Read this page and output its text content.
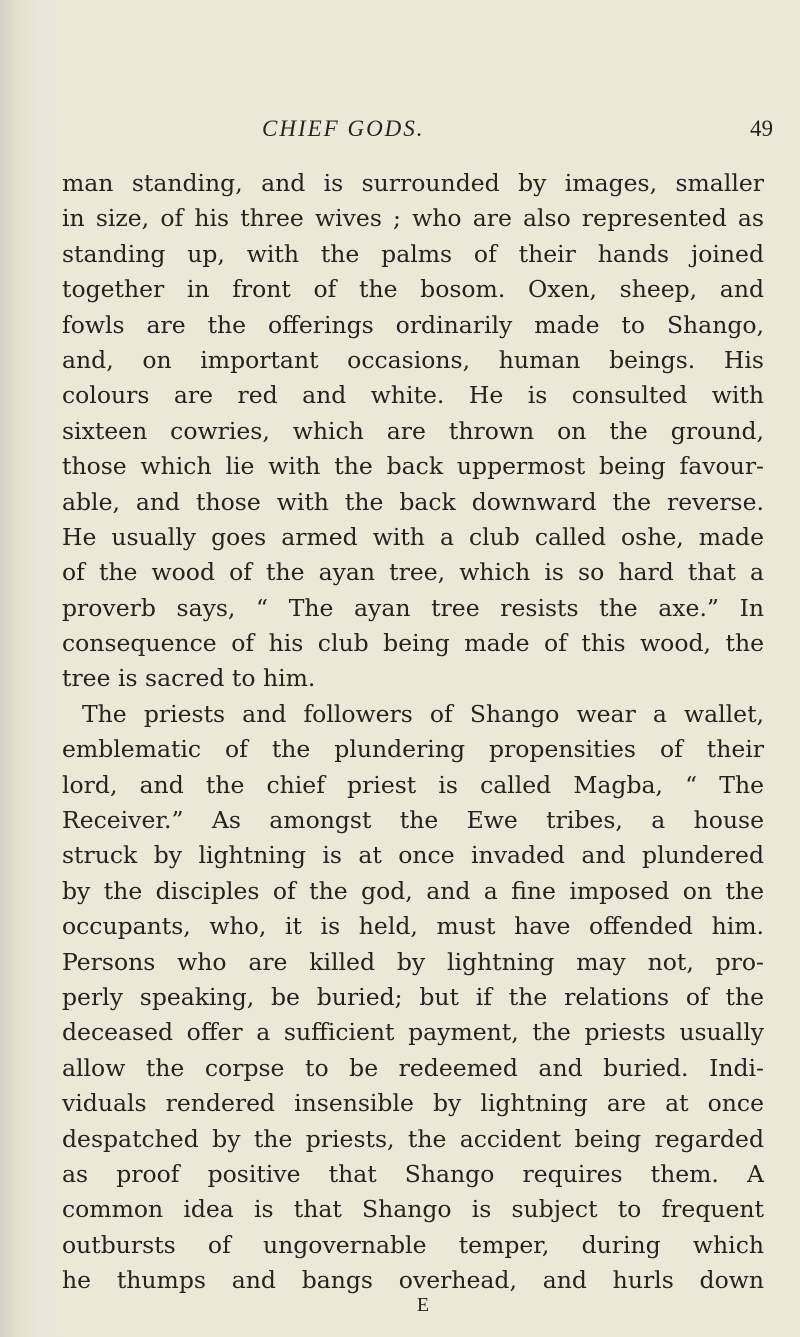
CHIEF GODS.	49
man standing, and is surrounded by images, smaller
in size, of his three wives ; who are also represented as
standing up, with the palms of their hands joined
together in front of the bosom. Oxen, sheep, and
fowls are the offerings ordinarily made to Shango,
and, on important occasions, human beings. His
colours are red and white. He is consulted with
sixteen cowries, which are thrown on the ground,
those which lie with the back uppermost being favour-
able, and those with the back downward the reverse.
He usually goes armed with a club called oshe, made
of the wood of the ayan tree, which is so hard that a
proverb says, “ The ayan tree resists the axe.” In
consequence of his club being made of this wood, the
tree is sacred to him.
The priests and followers of Shango wear a wallet,
emblematic of the plundering propensities of their
lord, and the chief priest is called Magba, “ The
Receiver.” As amongst the Ewe tribes, a house
struck by lightning is at once invaded and plundered
by the disciples of the god, and a fine imposed on the
occupants, who, it is held, must have offended him.
Persons who are killed by lightning may not, pro-
perly speaking, be buried; but if the relations of the
deceased offer a sufficient payment, the priests usually
allow the corpse to be redeemed and buried. Indi-
viduals rendered insensible by lightning are at once
despatched by the priests, the accident being regarded
as proof positive that Shango requires them. A
common idea is that Shango is subject to frequent
outbursts of ungovernable temper, during which
he thumps and bangs overhead, and hurls down
E
